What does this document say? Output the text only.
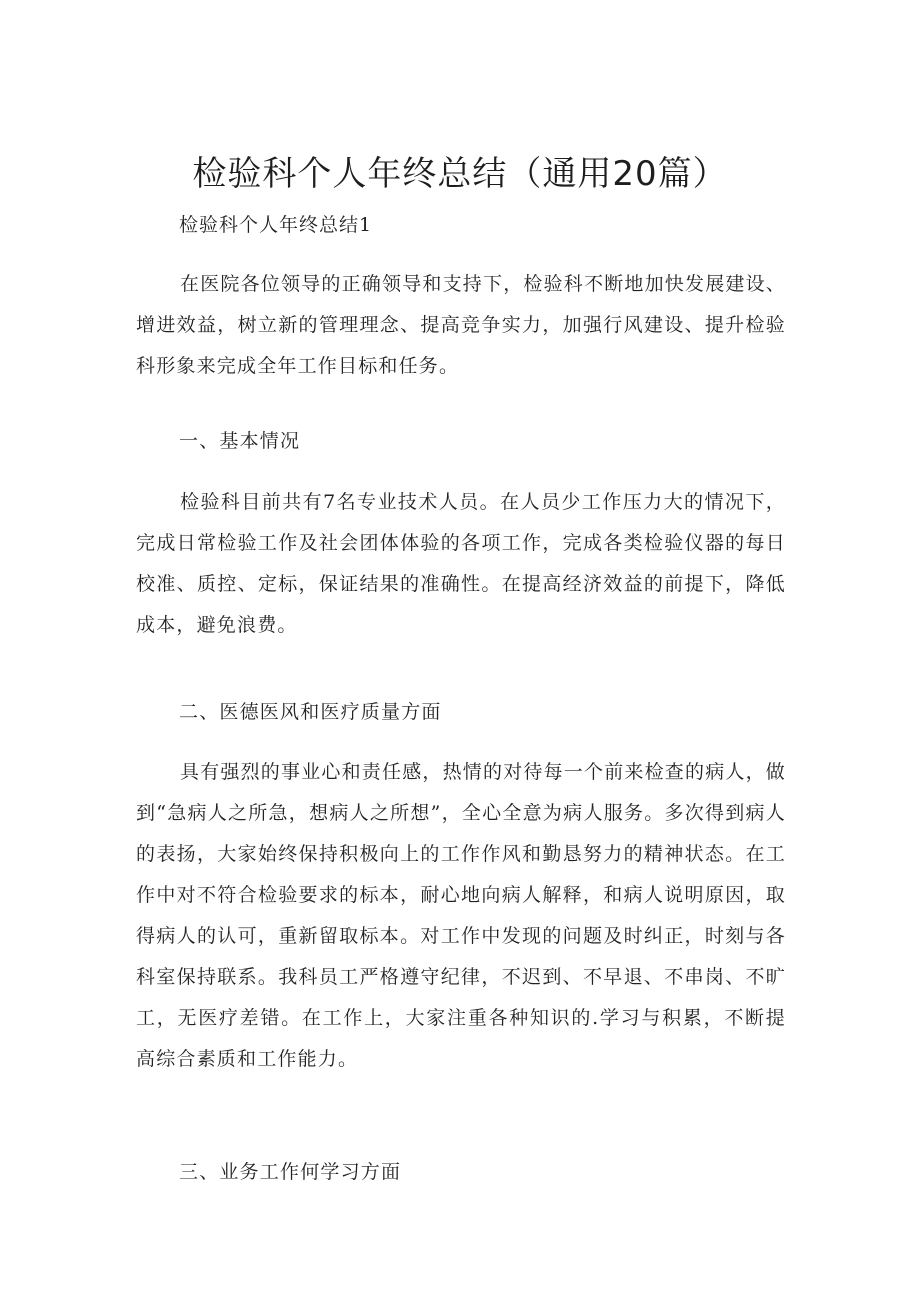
检验科个人年终总结（通用20篇）
检验科个人年终总结1

在医院各位领导的正确领导和支持下，检验科不断地加快发展建设、增进效益，树立新的管理理念、提高竞争实力，加强行风建设、提升检验科形象来完成全年工作目标和任务。

一、基本情况

检验科目前共有7名专业技术人员。在人员少工作压力大的情况下，完成日常检验工作及社会团体体验的各项工作，完成各类检验仪器的每日校准、质控、定标，保证结果的准确性。在提高经济效益的前提下，降低成本，避免浪费。

二、医德医风和医疗质量方面

具有强烈的事业心和责任感，热情的对待每一个前来检查的病人，做到“急病人之所急，想病人之所想”，全心全意为病人服务。多次得到病人的表扬，大家始终保持积极向上的工作作风和勤恳努力的精神状态。在工作中对不符合检验要求的标本，耐心地向病人解释，和病人说明原因，取得病人的认可，重新留取标本。对工作中发现的问题及时纠正，时刻与各科室保持联系。我科员工严格遵守纪律，不迟到、不早退、不串岗、不旷工，无医疗差错。在工作上，大家注重各种知识的.学习与积累，不断提高综合素质和工作能力。

三、业务工作何学习方面
